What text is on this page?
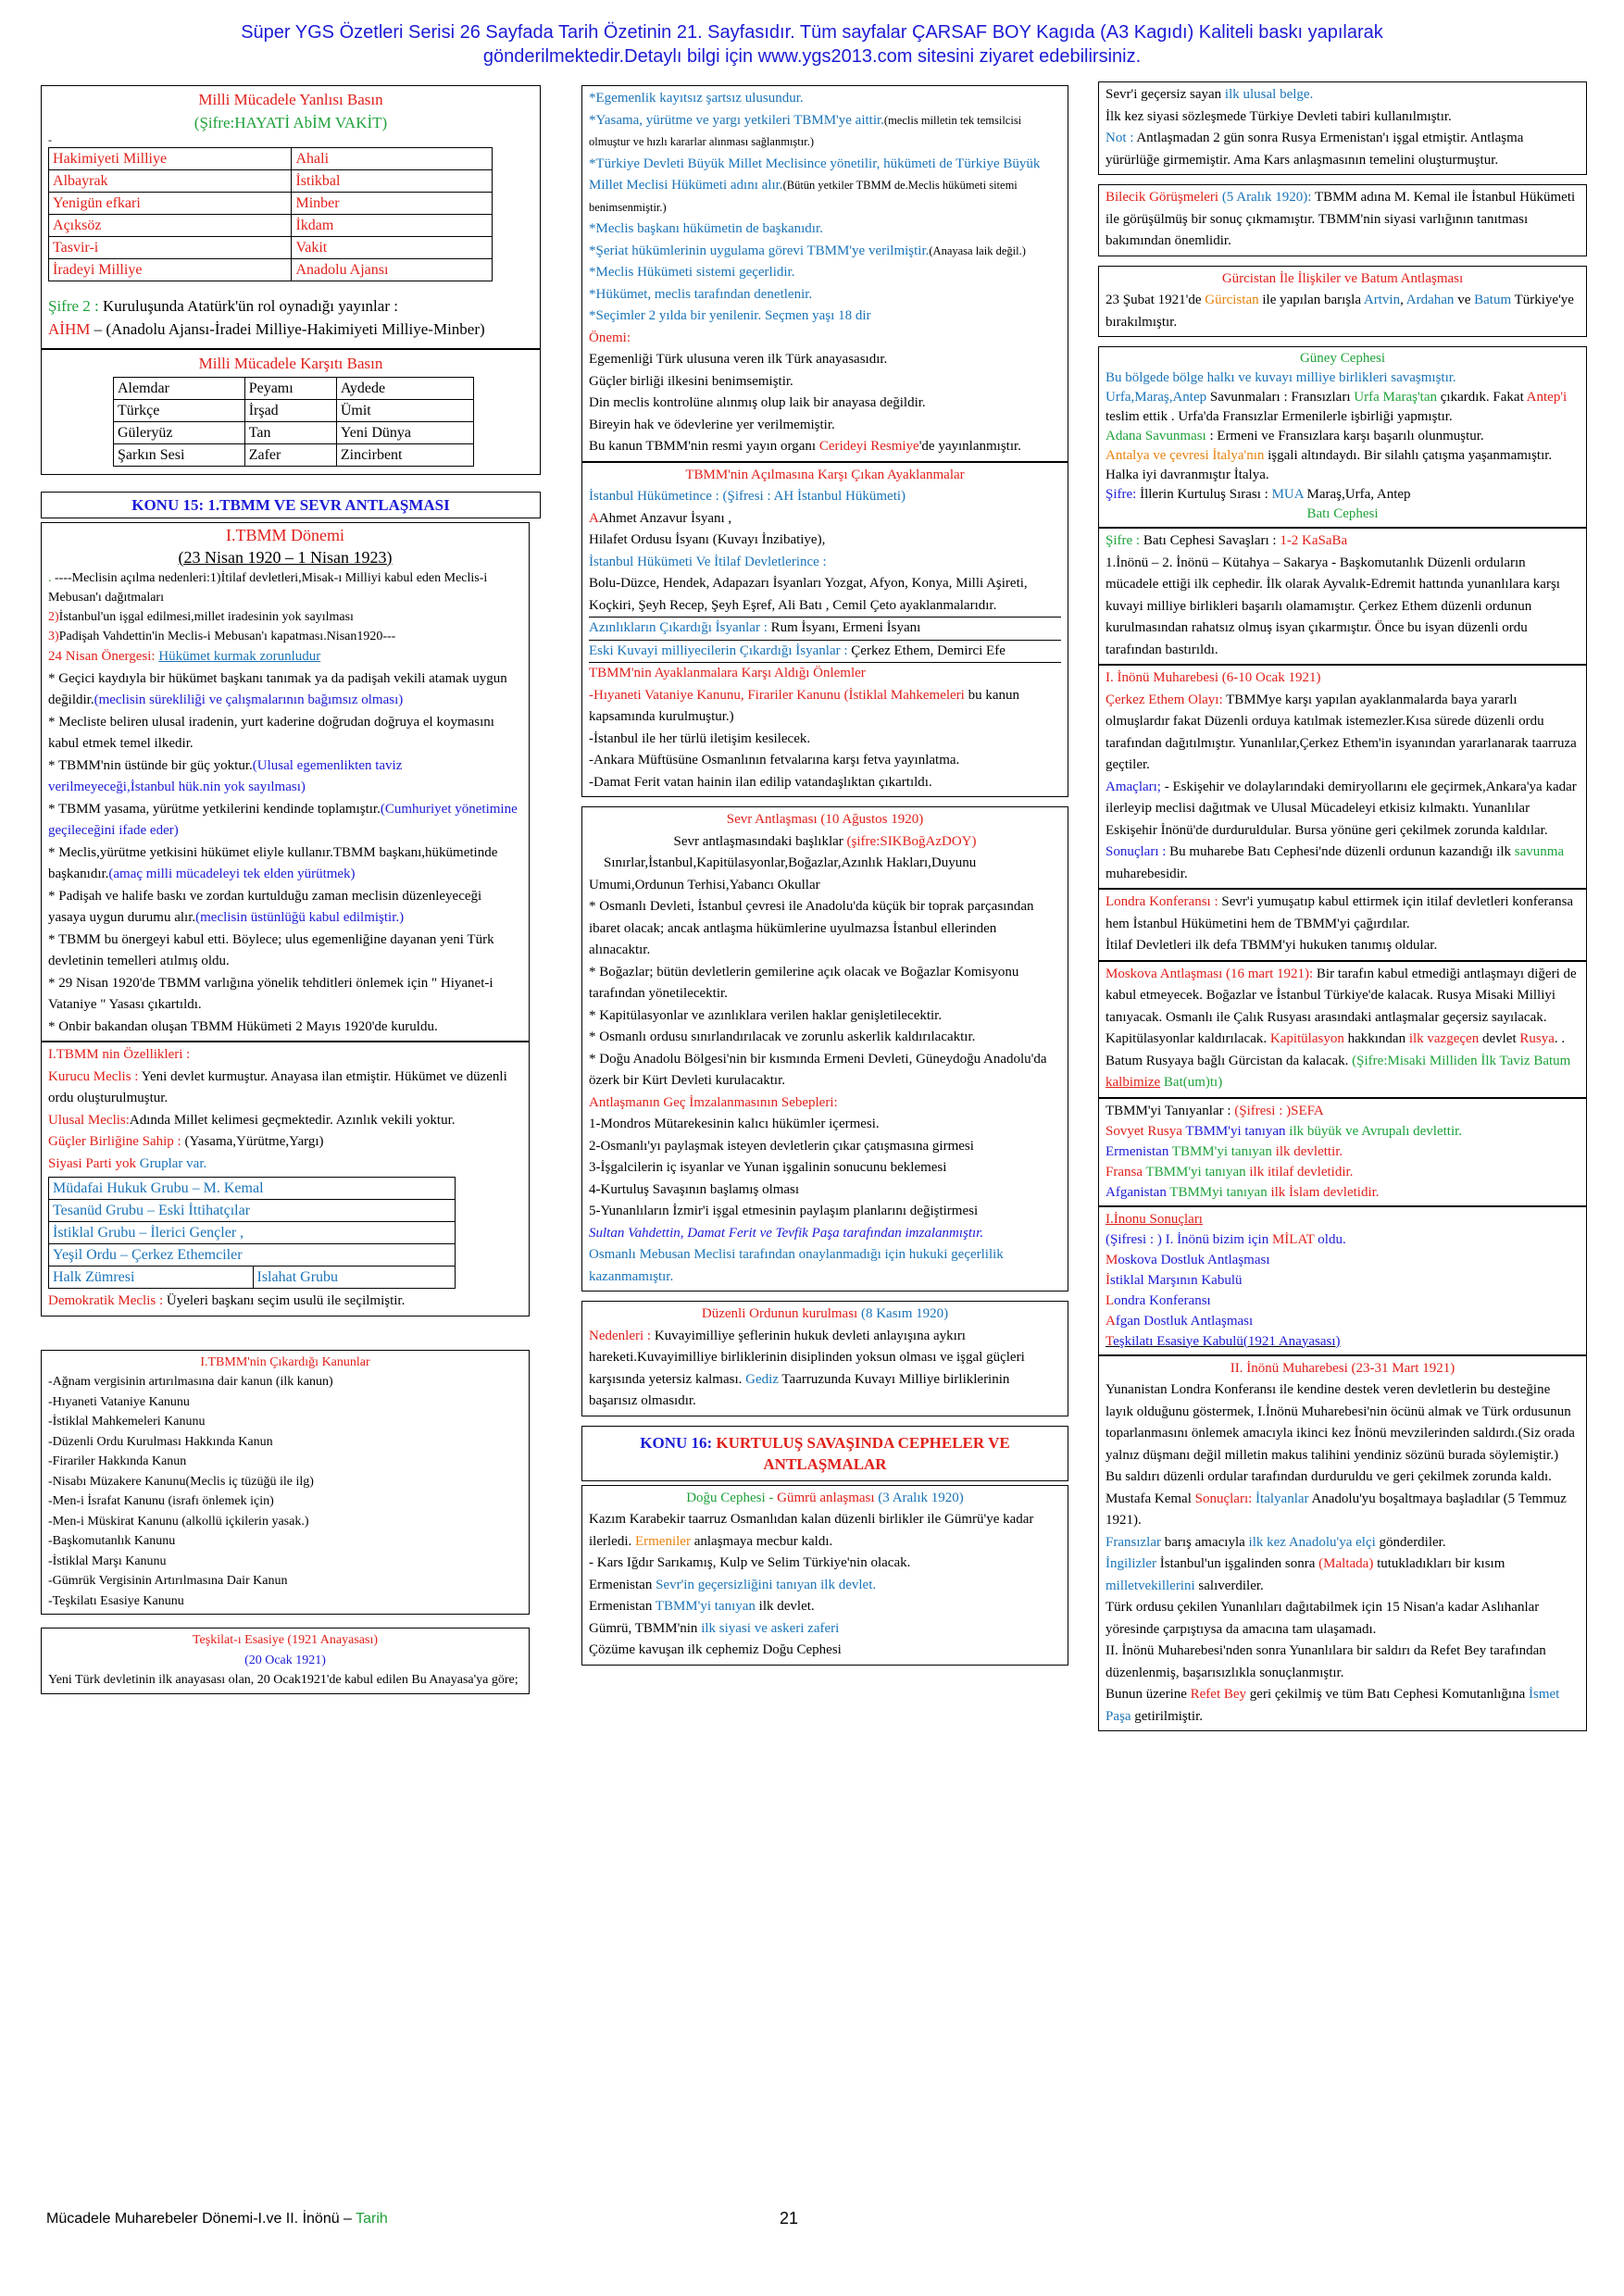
Süper YGS Özetleri Serisi 26 Sayfada Tarih Özetinin 21. Sayfasıdır. Tüm sayfalar ÇARSAF BOY Kagıda (A3 Kagıdı) Kaliteli baskı yapılarak
gönderilmektedir.Detaylı bilgi için www.ygs2013.com sitesini ziyaret edebilirsiniz.
Milli Mücadele Yanlısı Basın
(Şifre:HAYATİ AbİM VAKİT)
-
Hakimiyeti Milliye	Ahali
Albayrak	İstikbal
Yenigün efkari	Minber
Açıksöz	İkdam
Tasvir-i	Vakit
İradeyi Milliye	Anadolu Ajansı
Şifre 2 : Kuruluşunda Atatürk'ün rol oynadığı yayınlar :
AİHM – (Anadolu Ajansı-İradei Milliye-Hakimiyeti Milliye-Minber)
Milli Mücadele Karşıtı Basın
Alemdar	Peyamı	Aydede
Türkçe	İrşad	Ümit
Güleryüz	Tan	Yeni Dünya
Şarkın Sesi	Zafer	Zincirbent
KONU 15: 1.TBMM VE SEVR ANTLAŞMASI
I.TBMM Dönemi
(23 Nisan 1920 – 1 Nisan 1923)
. ----Meclisin açılma nedenleri:1)İtilaf devletleri,Misak-ı Milliyi kabul eden Meclis-i Mebusan'ı dağıtmaları
2)İstanbul'un işgal edilmesi,millet iradesinin yok sayılması
3)Padişah Vahdettin'in Meclis-i Mebusan'ı kapatması.Nisan1920---
24 Nisan Önergesi: Hükümet kurmak zorunludur
* Geçici kaydıyla bir hükümet başkanı tanımak ya da padişah vekili atamak uygun değildir.(meclisin sürekliliği ve çalışmalarının bağımsız olması)
* Mecliste beliren ulusal iradenin, yurt kaderine doğrudan doğruya el koymasını kabul etmek temel ilkedir.
* TBMM'nin üstünde bir güç yoktur.(Ulusal egemenlikten taviz verilmeyeceği,İstanbul hük.nin yok sayılması)
* TBMM yasama, yürütme yetkilerini kendinde toplamıştır.(Cumhuriyet yönetimine geçileceğini ifade eder)
* Meclis,yürütme yetkisini hükümet eliyle kullanır.TBMM başkanı,hükümetinde başkanıdır.(amaç milli mücadeleyi tek elden yürütmek)
* Padişah ve halife baskı ve zordan kurtulduğu zaman meclisin düzenleyeceği yasaya uygun durumu alır.(meclisin üstünlüğü kabul edilmiştir.)
* TBMM bu önergeyi kabul etti. Böylece; ulus egemenliğine dayanan yeni Türk devletinin temelleri atılmış oldu.
* 29 Nisan 1920'de TBMM varlığına yönelik tehditleri önlemek için " Hiyanet-i Vataniye " Yasası çıkartıldı.
* Onbir bakandan oluşan TBMM Hükümeti 2 Mayıs 1920'de kuruldu.
I.TBMM nin Özellikleri :
Kurucu Meclis : Yeni devlet kurmuştur. Anayasa ilan etmiştir. Hükümet ve düzenli ordu oluşturulmuştur.
Ulusal Meclis:Adında Millet kelimesi geçmektedir. Azınlık vekili yoktur.
Güçler Birliğine Sahip : (Yasama,Yürütme,Yargı)
Siyasi Parti yok Gruplar var.
Müdafai Hukuk Grubu – M. Kemal
Tesanüd Grubu – Eski İttihatçılar
İstiklal Grubu – İlerici Gençler ,
Yeşil Ordu – Çerkez Ethemciler
Halk Zümresi	Islahat Grubu
Demokratik Meclis : Üyeleri başkanı seçim usulü ile seçilmiştir.
I.TBMM'nin Çıkardığı Kanunlar
-Ağnam vergisinin artırılmasına dair kanun (ilk kanun)
-Hıyaneti Vataniye Kanunu
-İstiklal Mahkemeleri Kanunu
-Düzenli Ordu Kurulması Hakkında Kanun
-Firariler Hakkında Kanun
-Nisabı Müzakere Kanunu(Meclis iç tüzüğü ile ilg)
-Men-i İsrafat Kanunu (israfı önlemek için)
-Men-i Müskirat Kanunu (alkollü içkilerin yasak.)
-Başkomutanlık Kanunu
-İstiklal Marşı Kanunu
-Gümrük Vergisinin Artırılmasına Dair Kanun
-Teşkilatı Esasiye Kanunu
Teşkilat-ı Esasiye (1921 Anayasası)
(20 Ocak 1921)
Yeni Türk devletinin ilk anayasası olan, 20 Ocak1921'de kabul edilen Bu Anayasa'ya göre;
*Egemenlik kayıtsız şartsız ulusundur.
*Yasama, yürütme ve yargı yetkileri TBMM'ye aittir.(meclis milletin tek temsilcisi olmuştur ve hızlı kararlar alınması sağlanmıştır.)
*Türkiye Devleti Büyük Millet Meclisince yönetilir, hükümeti de Türkiye Büyük Millet Meclisi Hükümeti adını alır.(Bütün yetkiler TBMM de.Meclis hükümeti sitemi benimsenmiştir.)
*Meclis başkanı hükümetin de başkanıdır.
*Şeriat hükümlerinin uygulama görevi TBMM'ye verilmiştir.(Anayasa laik değil.)
*Meclis Hükümeti sistemi geçerlidir.
*Hükümet, meclis tarafından denetlenir.
*Seçimler 2 yılda bir yenilenir. Seçmen yaşı 18 dir
Önemi:
Egemenliği Türk ulusuna veren ilk Türk anayasasıdır.
Güçler birliği ilkesini benimsemiştir.
Din meclis kontrolüne alınmış olup laik bir anayasa değildir.
Bireyin hak ve ödevlerine yer verilmemiştir.
Bu kanun TBMM'nin resmi yayın organı Cerideyi Resmiye'de yayınlanmıştır.
TBMM'nin Açılmasına Karşı Çıkan Ayaklanmalar
İstanbul Hükümetince : (Şifresi : AH İstanbul Hükümeti)
AAhmet Anzavur İsyanı ,
Hilafet Ordusu İsyanı (Kuvayı İnzibatiye),
İstanbul Hükümeti Ve İtilaf Devletlerince :
Bolu-Düzce, Hendek, Adapazarı İsyanları Yozgat, Afyon, Konya, Milli Aşireti, Koçkiri, Şeyh Recep, Şeyh Eşref, Ali Batı , Cemil Çeto ayaklanmalarıdır.
Azınlıkların Çıkardığı İsyanlar : Rum İsyanı, Ermeni İsyanı
Eski Kuvayi milliyecilerin Çıkardığı İsyanlar : Çerkez Ethem, Demirci Efe
TBMM'nin Ayaklanmalara Karşı Aldığı Önlemler
-Hıyaneti Vataniye Kanunu, Firariler Kanunu (İstiklal Mahkemeleri bu kanun kapsamında kurulmuştur.)
-İstanbul ile her türlü iletişim kesilecek.
-Ankara Müftüsüne Osmanlının fetvalarına karşı fetva yayınlatma.
-Damat Ferit vatan hainin ilan edilip vatandaşlıktan çıkartıldı.
Sevr Antlaşması (10 Ağustos 1920)
Sevr antlaşmasındaki başlıklar (şifre:SIKBoğAzDOY)
Sınırlar,İstanbul,Kapitülasyonlar,Boğazlar,Azınlık Hakları,Duyunu Umumi,Ordunun Terhisi,Yabancı Okullar
* Osmanlı Devleti, İstanbul çevresi ile Anadolu'da küçük bir toprak parçasından ibaret olacak; ancak antlaşma hükümlerine uyulmazsa İstanbul ellerinden alınacaktır.
* Boğazlar; bütün devletlerin gemilerine açık olacak ve Boğazlar Komisyonu tarafından yönetilecektir.
* Kapitülasyonlar ve azınlıklara verilen haklar genişletilecektir.
* Osmanlı ordusu sınırlandırılacak ve zorunlu askerlik kaldırılacaktır.
* Doğu Anadolu Bölgesi'nin bir kısmında Ermeni Devleti, Güneydoğu Anadolu'da özerk bir Kürt Devleti kurulacaktır.
Antlaşmanın Geç İmzalanmasının Sebepleri:
1-Mondros Mütarekesinin kalıcı hükümler içermesi.
2-Osmanlı'yı paylaşmak isteyen devletlerin çıkar çatışmasına girmesi
3-İşgalcilerin iç isyanlar ve Yunan işgalinin sonucunu beklemesi
4-Kurtuluş Savaşının başlamış olması
5-Yunanlıların İzmir'i işgal etmesinin paylaşım planlarını değiştirmesi
Sultan Vahdettin, Damat Ferit ve Tevfik Paşa tarafından imzalanmıştır.
Osmanlı Mebusan Meclisi tarafından onaylanmadığı için hukuki geçerlilik kazanmamıştır.
Düzenli Ordunun kurulması (8 Kasım 1920)
Nedenleri : Kuvayimilliye şeflerinin hukuk devleti anlayışına aykırı hareketi.Kuvayimilliye birliklerinin disiplinden yoksun olması ve işgal güçleri karşısında yetersiz kalması. Gediz Taarruzunda Kuvayı Milliye birliklerinin başarısız olmasıdır.
KONU 16: KURTULUŞ SAVAŞINDA CEPHELER VE ANTLAŞMALAR
Doğu Cephesi - Gümrü anlaşması (3 Aralık 1920)
Kazım Karabekir taarruz Osmanlıdan kalan düzenli birlikler ile Gümrü'ye kadar ilerledi. Ermeniler anlaşmaya mecbur kaldı.
- Kars Iğdır Sarıkamış, Kulp ve Selim Türkiye'nin olacak.
Ermenistan Sevr'in geçersizliğini tanıyan ilk devlet.
Ermenistan TBMM'yi tanıyan ilk devlet.
Gümrü, TBMM'nin ilk siyasi ve askeri zaferi
Çözüme kavuşan ilk cephemiz Doğu Cephesi
Sevr'i geçersiz sayan ilk ulusal belge.
İlk kez siyasi sözleşmede Türkiye Devleti tabiri kullanılmıştır.
Not : Antlaşmadan 2 gün sonra Rusya Ermenistan'ı işgal etmiştir. Antlaşma yürürlüğe girmemiştir. Ama Kars anlaşmasının temelini oluşturmuştur.
Bilecik Görüşmeleri (5 Aralık 1920): TBMM adına M. Kemal ile İstanbul Hükümeti ile görüşülmüş bir sonuç çıkmamıştır. TBMM'nin siyasi varlığının tanıtması bakımından önemlidir.
Gürcistan İle İlişkiler ve Batum Antlaşması
23 Şubat 1921'de Gürcistan ile yapılan barışla Artvin, Ardahan ve Batum Türkiye'ye bırakılmıştır.
Güney Cephesi
Bu bölgede bölge halkı ve kuvayı milliye birlikleri savaşmıştır.
Urfa,Maraş,Antep Savunmaları : Fransızları Urfa Maraş'tan çıkardık. Fakat Antep'i teslim ettik . Urfa'da Fransızlar Ermenilerle işbirliği yapmıştır.
Adana Savunması : Ermeni ve Fransızlara karşı başarılı olunmuştur.
Antalya ve çevresi İtalya'nın işgali altındaydı. Bir silahlı çatışma yaşanmamıştır. Halka iyi davranmıştır İtalya.
Şifre: İllerin Kurtuluş Sırası : MUA Maraş,Urfa, Antep
Batı Cephesi
Şifre : Batı Cephesi Savaşları : 1-2 KaSaBa
1.İnönü – 2. İnönü – Kütahya – Sakarya - Başkomutanlık Düzenli orduların mücadele ettiği ilk cephedir. İlk olarak Ayvalık-Edremit hattında yunanlılara karşı kuvayi milliye birlikleri başarılı olamamıştır. Çerkez Ethem düzenli ordunun kurulmasından rahatsız olmuş isyan çıkarmıştır. Önce bu isyan düzenli ordu tarafından bastırıldı.
I. İnönü Muharebesi (6-10 Ocak 1921)
Çerkez Ethem Olayı: TBMMye karşı yapılan ayaklanmalarda baya yararlı olmuşlardır fakat Düzenli orduya katılmak istemezler.Kısa sürede düzenli ordu tarafından dağıtılmıştır. Yunanlılar,Çerkez Ethem'in isyanından yararlanarak taarruza geçtiler.
Amaçları; - Eskişehir ve dolaylarındaki demiryollarını ele geçirmek,Ankara'ya kadar ilerleyip meclisi dağıtmak ve Ulusal Mücadeleyi etkisiz kılmaktı. Yunanlılar Eskişehir İnönü'de durduruldular. Bursa yönüne geri çekilmek zorunda kaldılar.
Sonuçları : Bu muharebe Batı Cephesi'nde düzenli ordunun kazandığı ilk savunma muharebesidir.
Londra Konferansı : Sevr'i yumuşatıp kabul ettirmek için itilaf devletleri konferansa hem İstanbul Hükümetini hem de TBMM'yi çağırdılar.
İtilaf Devletleri ilk defa TBMM'yi hukuken tanımış oldular.
Moskova Antlaşması (16 mart 1921): Bir tarafın kabul etmediği antlaşmayı diğeri de kabul etmeyecek. Boğazlar ve İstanbul Türkiye'de kalacak. Rusya Misaki Milliyi tanıyacak. Osmanlı ile Çalık Rusyası arasındaki antlaşmalar geçersiz sayılacak. Kapitülasyonlar kaldırılacak. Kapitülasyon hakkından ilk vazgeçen devlet Rusya. . Batum Rusyaya bağlı Gürcistan da kalacak. (Şifre:Misaki Milliden İlk Taviz Batum kalbimize Bat(um)tı)
TBMM'yi Tanıyanlar : (Şifresi : )SEFA
Sovyet Rusya TBMM'yi tanıyan ilk büyük ve Avrupalı devlettir.
Ermenistan TBMM'yi tanıyan ilk devlettir.
Fransa TBMM'yi tanıyan ilk itilaf devletidir.
Afganistan TBMMyi tanıyan ilk İslam devletidir.
I.İnonu Sonuçları
(Şifresi : ) I. İnönü bizim için MİLAT oldu.
Moskova Dostluk Antlaşması
İstiklal Marşının Kabulü
Londra Konferansı
Afgan Dostluk Antlaşması
Teşkilatı Esasiye Kabulü(1921 Anayasası)
II. İnönü Muharebesi (23-31 Mart 1921)
Yunanistan Londra Konferansı ile kendine destek veren devletlerin bu desteğine layık olduğunu göstermek, I.İnönü Muharebesi'nin öcünü almak ve Türk ordusunun toparlanmasını önlemek amacıyla ikinci kez İnönü mevzilerinden saldırdı.(Siz orada yalnız düşmanı değil milletin makus talihini yendiniz sözünü burada söylemiştir.)
Bu saldırı düzenli ordular tarafından durduruldu ve geri çekilmek zorunda kaldı. Mustafa Kemal Sonuçları: İtalyanlar Anadolu'yu boşaltmaya başladılar (5 Temmuz 1921).
Fransızlar barış amacıyla ilk kez Anadolu'ya elçi gönderdiler.
İngilizler İstanbul'un işgalinden sonra (Maltada) tutukladıkları bir kısım milletvekillerini salıverdiler.
Türk ordusu çekilen Yunanlıları dağıtabilmek için 15 Nisan'a kadar Aslıhanlar yöresinde çarpıştıysa da amacına tam ulaşamadı.
II. İnönü Muharebesi'nden sonra Yunanlılara bir saldırı da Refet Bey tarafından düzenlenmiş, başarısızlıkla sonuçlanmıştır.
Bunun üzerine Refet Bey geri çekilmiş ve tüm Batı Cephesi Komutanlığına İsmet Paşa getirilmiştir.
Mücadele Muharebeler Dönemi-I.ve II. İnönü – Tarih	21
